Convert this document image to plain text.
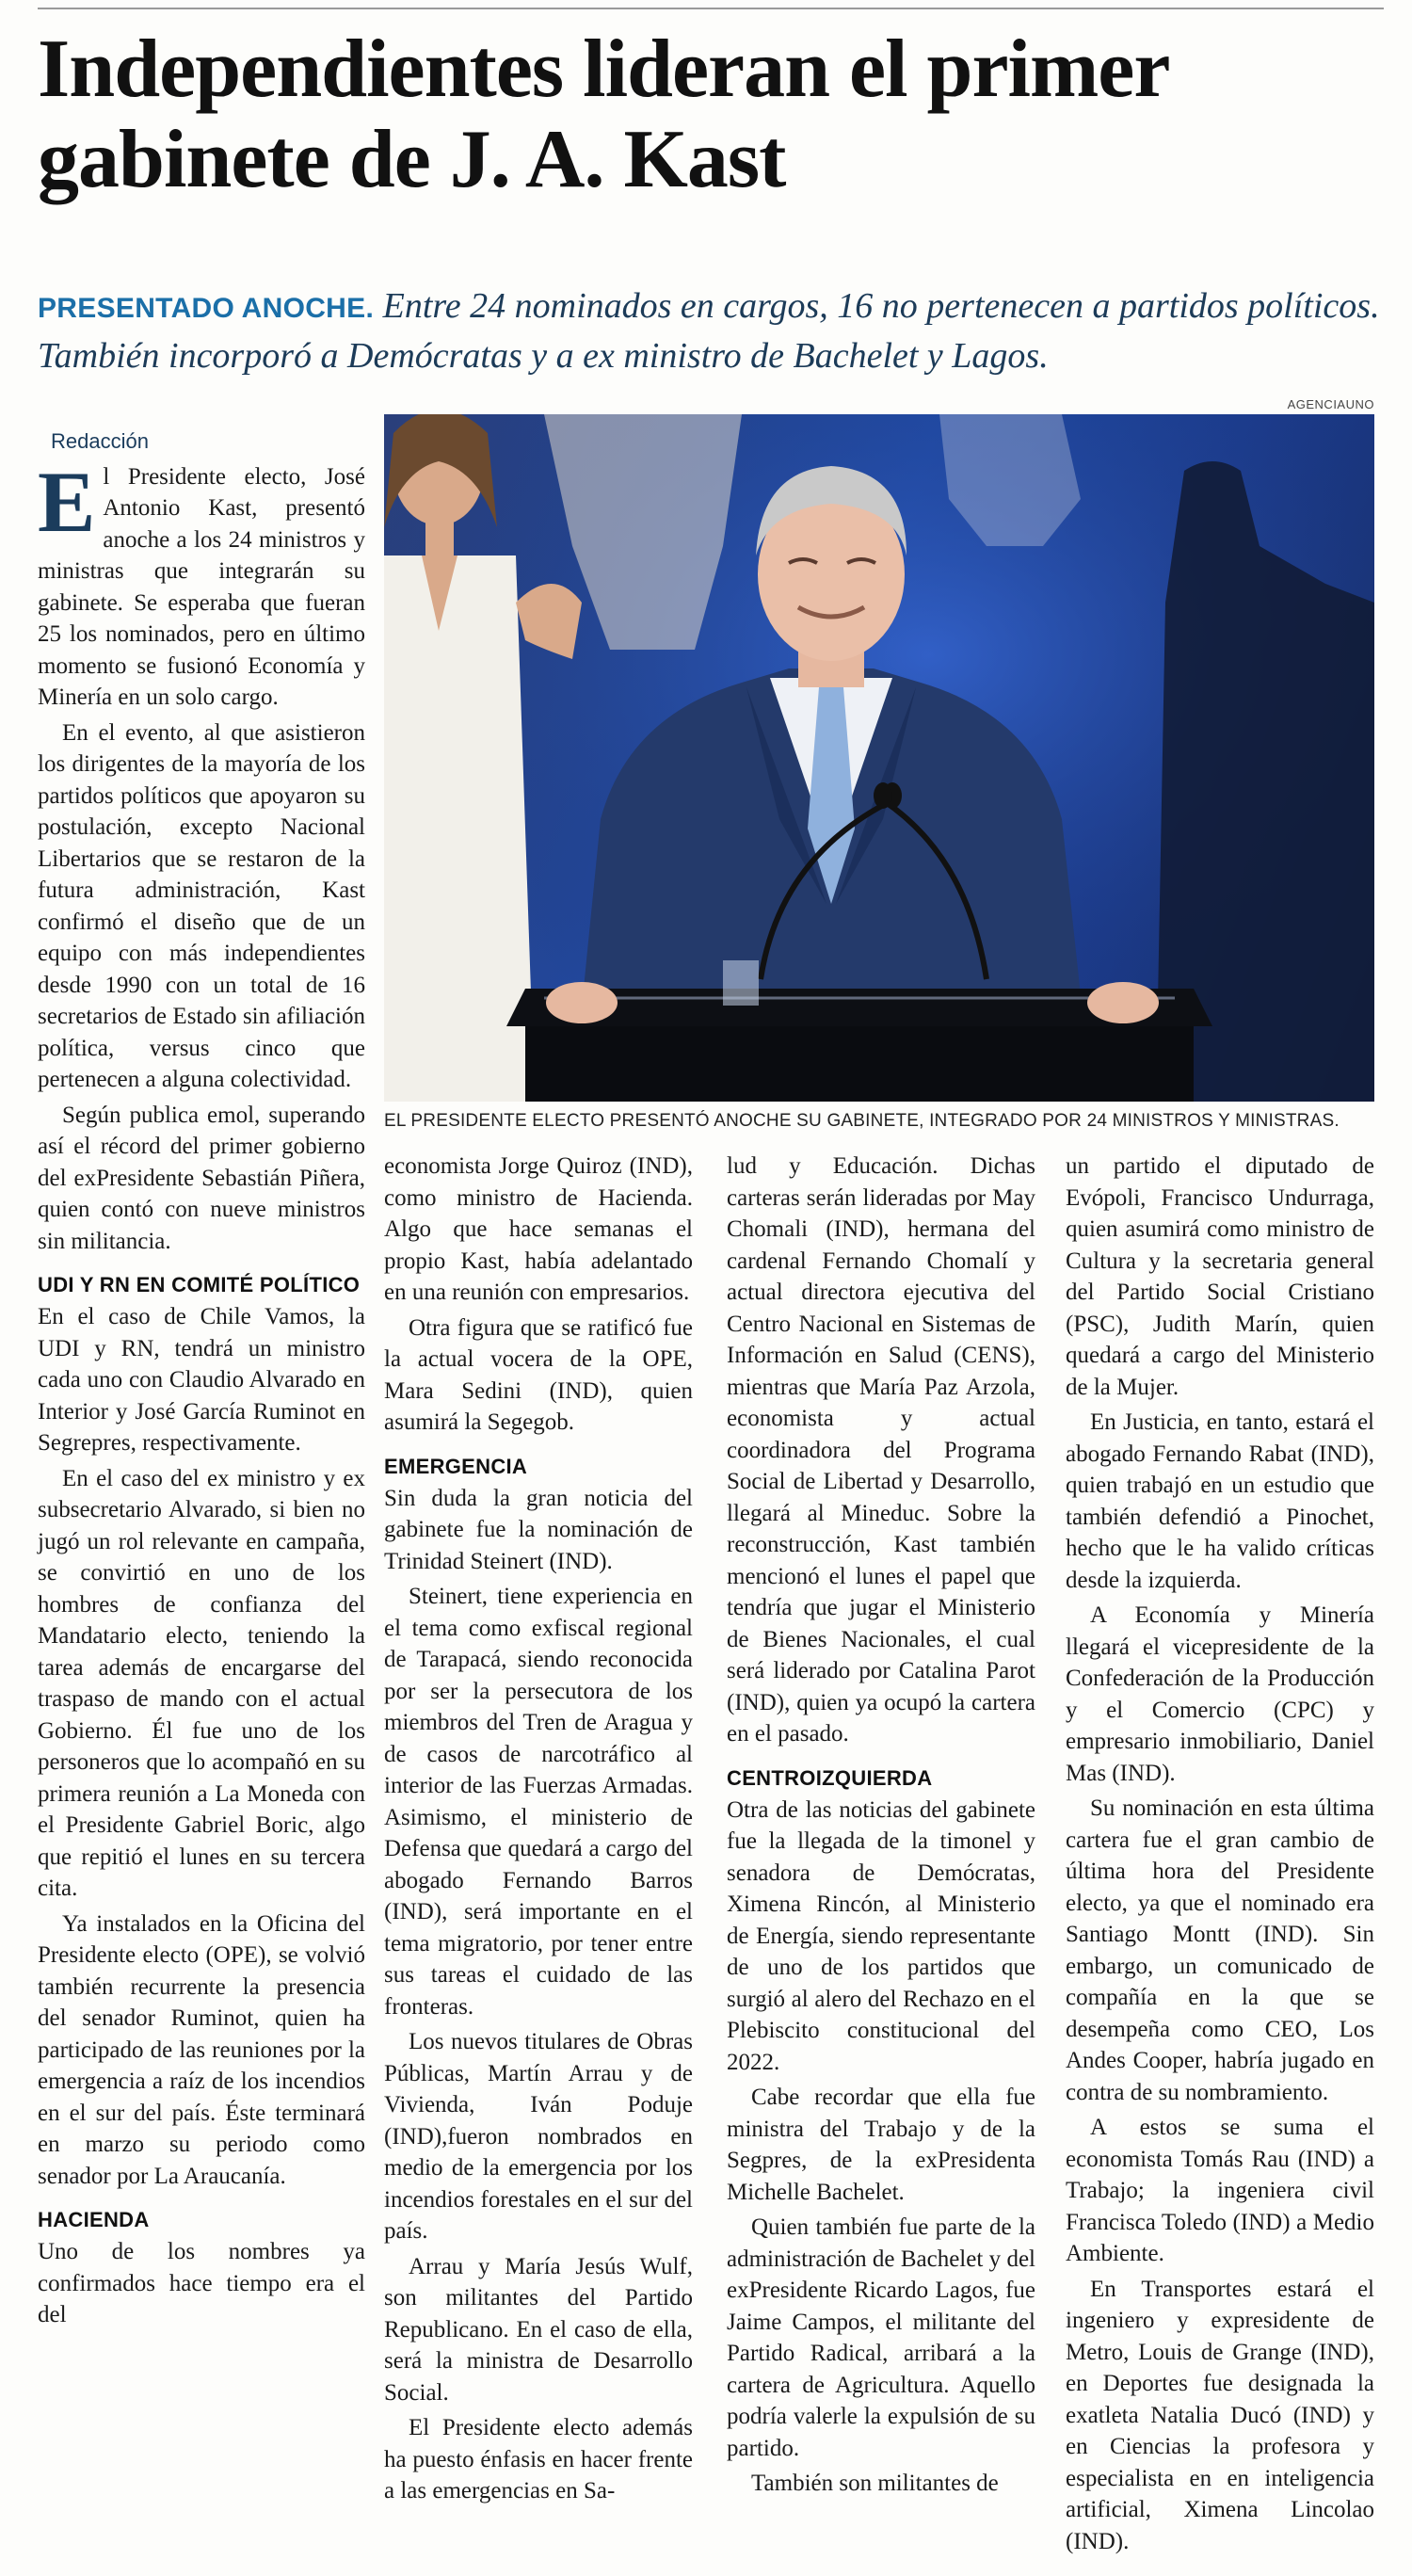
Independientes lideran el primer gabinete de J. A. Kast

PRESENTADO ANOCHE. Entre 24 nominados en cargos, 16 no pertenecen a partidos políticos. También incorporó a Demócratas y a ex ministro de Bachelet y Lagos.

AGENCIAUNO
EL PRESIDENTE ELECTO PRESENTÓ ANOCHE SU GABINETE, INTEGRADO POR 24 MINISTROS Y MINISTRAS.
Redacción

El Presidente electo, José Antonio Kast, presentó anoche a los 24 ministros y ministras que integrarán su gabinete. Se esperaba que fueran 25 los nominados, pero en último momento se fusionó Economía y Minería en un solo cargo.

En el evento, al que asistieron los dirigentes de la mayoría de los partidos políticos que apoyaron su postulación, excepto Nacional Libertarios que se restaron de la futura administración, Kast confirmó el diseño que de un equipo con más independientes desde 1990 con un total de 16 secretarios de Estado sin afiliación política, versus cinco que pertenecen a alguna colectividad.

Según publica emol, superando así el récord del primer gobierno del exPresidente Sebastián Piñera, quien contó con nueve ministros sin militancia.

UDI Y RN EN COMITÉ POLÍTICO

En el caso de Chile Vamos, la UDI y RN, tendrá un ministro cada uno con Claudio Alvarado en Interior y José García Ruminot en Segrepres, respectivamente.

En el caso del ex ministro y ex subsecretario Alvarado, si bien no jugó un rol relevante en campaña, se convirtió en uno de los hombres de confianza del Mandatario electo, teniendo la tarea además de encargarse del traspaso de mando con el actual Gobierno. Él fue uno de los personeros que lo acompañó en su primera reunión a La Moneda con el Presidente Gabriel Boric, algo que repitió el lunes en su tercera cita.

Ya instalados en la Oficina del Presidente electo (OPE), se volvió también recurrente la presencia del senador Ruminot, quien ha participado de las reuniones por la emergencia a raíz de los incendios en el sur del país. Éste terminará en marzo su periodo como senador por La Araucanía.

HACIENDA

Uno de los nombres ya confirmados hace tiempo era el del

economista Jorge Quiroz (IND), como ministro de Hacienda. Algo que hace semanas el propio Kast, había adelantado en una reunión con empresarios.

Otra figura que se ratificó fue la actual vocera de la OPE, Mara Sedini (IND), quien asumirá la Segegob.

EMERGENCIA

Sin duda la gran noticia del gabinete fue la nominación de Trinidad Steinert (IND).

Steinert, tiene experiencia en el tema como exfiscal regional de Tarapacá, siendo reconocida por ser la persecutora de los miembros del Tren de Aragua y de casos de narcotráfico al interior de las Fuerzas Armadas. Asimismo, el ministerio de Defensa que quedará a cargo del abogado Fernando Barros (IND), será importante en el tema migratorio, por tener entre sus tareas el cuidado de las fronteras.

Los nuevos titulares de Obras Públicas, Martín Arrau y de Vivienda, Iván Poduje (IND),fueron nombrados en medio de la emergencia por los incendios forestales en el sur del país.

Arrau y María Jesús Wulf, son militantes del Partido Republicano. En el caso de ella, será la ministra de Desarrollo Social.

El Presidente electo además ha puesto énfasis en hacer frente a las emergencias en Sa-

lud y Educación. Dichas carteras serán lideradas por May Chomali (IND), hermana del cardenal Fernando Chomalí y actual directora ejecutiva del Centro Nacional en Sistemas de Información en Salud (CENS), mientras que María Paz Arzola, economista y actual coordinadora del Programa Social de Libertad y Desarrollo, llegará al Mineduc. Sobre la reconstrucción, Kast también mencionó el lunes el papel que tendría que jugar el Ministerio de Bienes Nacionales, el cual será liderado por Catalina Parot (IND), quien ya ocupó la cartera en el pasado.

CENTROIZQUIERDA

Otra de las noticias del gabinete fue la llegada de la timonel y senadora de Demócratas, Ximena Rincón, al Ministerio de Energía, siendo representante de uno de los partidos que surgió al alero del Rechazo en el Plebiscito constitucional del 2022.

Cabe recordar que ella fue ministra del Trabajo y de la Segpres, de la exPresidenta Michelle Bachelet.

Quien también fue parte de la administración de Bachelet y del exPresidente Ricardo Lagos, fue Jaime Campos, el militante del Partido Radical, arribará a la cartera de Agricultura. Aquello podría valerle la expulsión de su partido.

También son militantes de

un partido el diputado de Evópoli, Francisco Undurraga, quien asumirá como ministro de Cultura y la secretaria general del Partido Social Cristiano (PSC), Judith Marín, quien quedará a cargo del Ministerio de la Mujer.

En Justicia, en tanto, estará el abogado Fernando Rabat (IND), quien trabajó en un estudio que también defendió a Pinochet, hecho que le ha valido críticas desde la izquierda.

A Economía y Minería llegará el vicepresidente de la Confederación de la Producción y el Comercio (CPC) y empresario inmobiliario, Daniel Mas (IND).

Su nominación en esta última cartera fue el gran cambio de última hora del Presidente electo, ya que el nominado era Santiago Montt (IND). Sin embargo, un comunicado de compañía en la que se desempeña como CEO, Los Andes Cooper, habría jugado en contra de su nombramiento.

A estos se suma el economista Tomás Rau (IND) a Trabajo; la ingeniera civil Francisca Toledo (IND) a Medio Ambiente.

En Transportes estará el ingeniero y expresidente de Metro, Louis de Grange (IND), en Deportes fue designada la exatleta Natalia Ducó (IND) y en Ciencias la profesora y especialista en en inteligencia artificial, Ximena Lincolao (IND).
